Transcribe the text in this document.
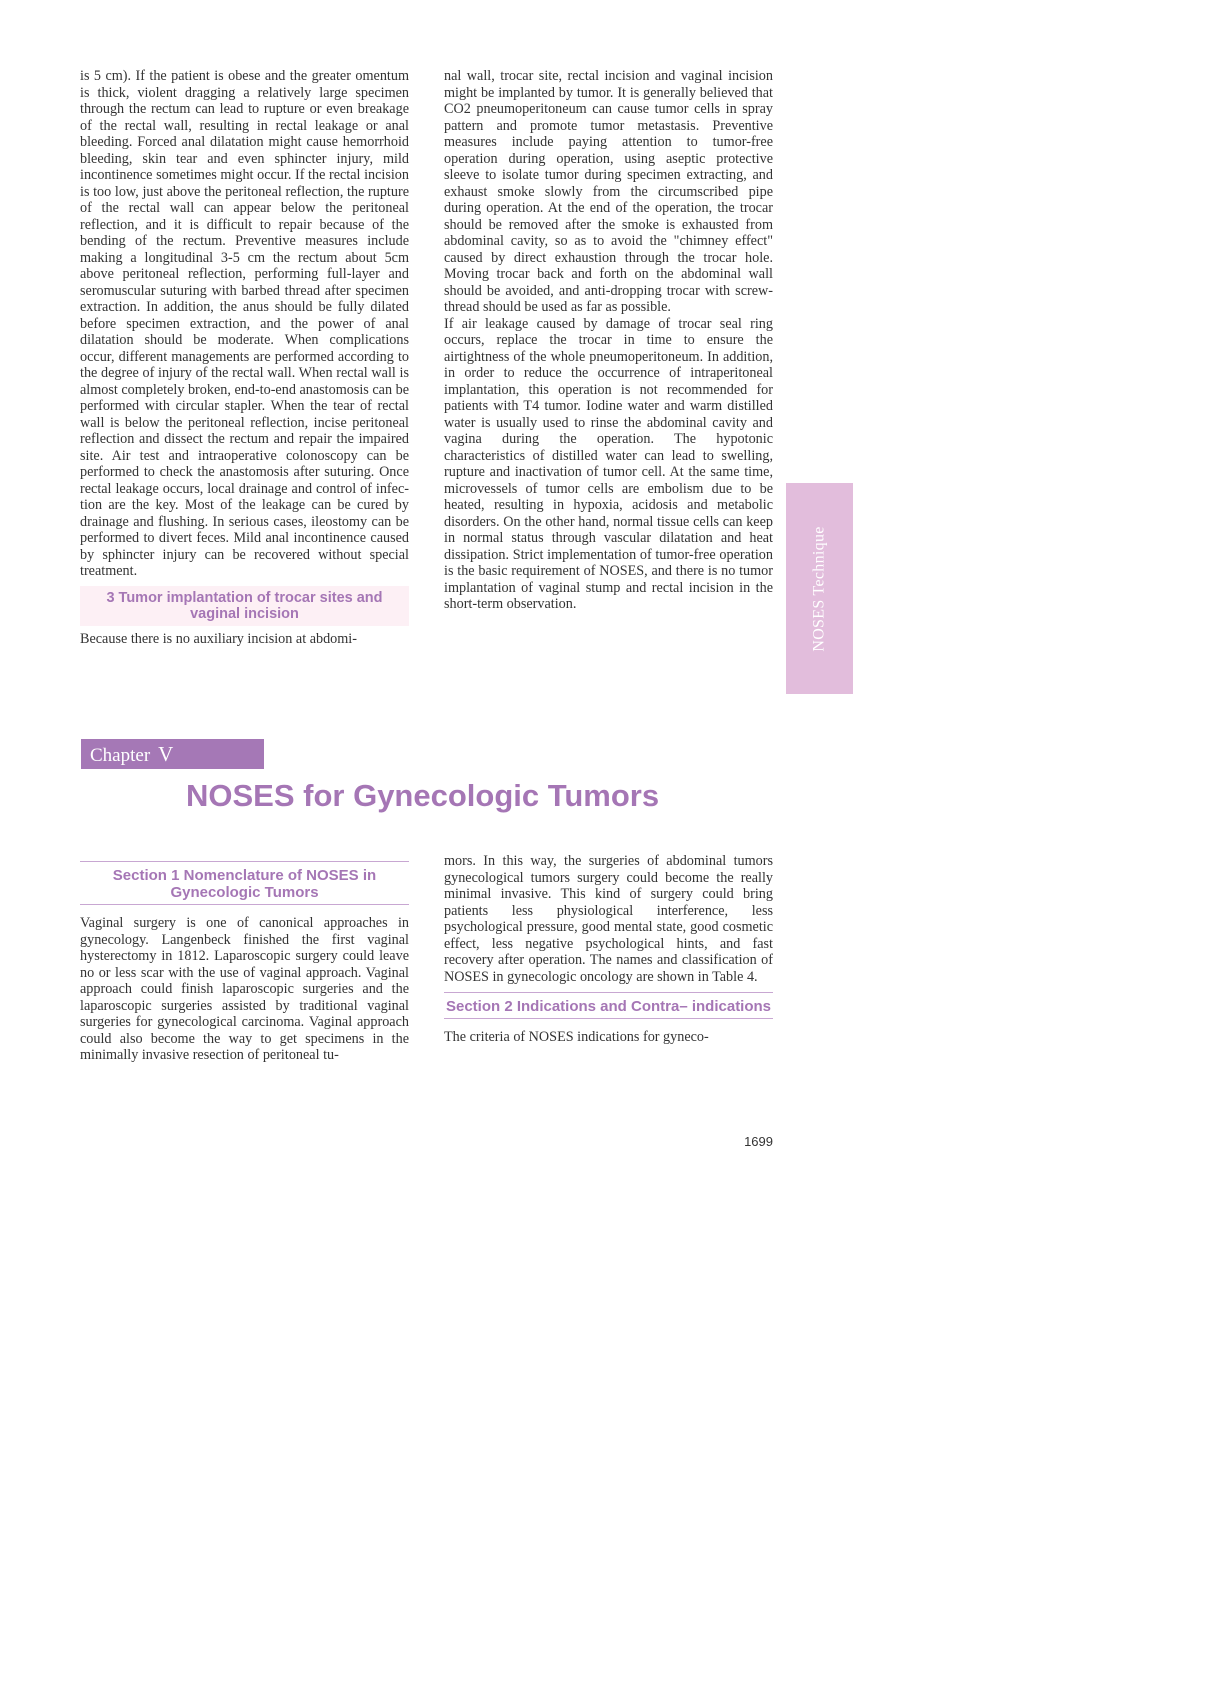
is 5 cm). If the patient is obese and the greater omentum is thick, violent dragging a relatively large specimen through the rectum can lead to rupture or even breakage of the rectal wall, resulting in rectal leakage or anal bleeding. Forced anal dilatation might cause hemorrhoid bleeding, skin tear and even sphincter injury, mild incontinence sometimes might occur. If the rectal incision is too low, just above the peritoneal reflection, the rupture of the rectal wall can appear below the peritoneal reflection, and it is difficult to repair because of the bending of the rectum. Preventive measures include making a longitudinal 3-5 cm the rectum about 5cm above peritoneal reflection, performing full-layer and seromuscular suturing with barbed thread after specimen extraction. In addition, the anus should be fully dilated before specimen extraction, and the power of anal dilatation should be moderate. When complications occur, different managements are performed according to the degree of injury of the rectal wall. When rectal wall is almost completely broken, end-to-end anastomosis can be performed with circular stapler. When the tear of rectal wall is below the peritoneal reflection, incise peritoneal reflection and dissect the rectum and repair the impaired site. Air test and intraoperative colonoscopy can be performed to check the anastomosis after suturing. Once rectal leakage occurs, local drainage and control of infection are the key. Most of the leakage can be cured by drainage and flushing. In serious cases, ileostomy can be performed to divert feces. Mild anal incontinence caused by sphincter injury can be recovered without special treatment.

3 Tumor implantation of trocar sites and vaginal incision

Because there is no auxiliary incision at abdomi-

nal wall, trocar site, rectal incision and vaginal incision might be implanted by tumor. It is generally believed that CO2 pneumoperitoneum can cause tumor cells in spray pattern and promote tumor metastasis. Preventive measures include paying attention to tumor-free operation during operation, using aseptic protective sleeve to isolate tumor during specimen extracting, and exhaust smoke slowly from the circumscribed pipe during operation. At the end of the operation, the trocar should be removed after the smoke is exhausted from abdominal cavity, so as to avoid the "chimney effect" caused by direct exhaustion through the trocar hole. Moving trocar back and forth on the abdominal wall should be avoided, and anti-dropping trocar with screw-thread should be used as far as possible.

If air leakage caused by damage of trocar seal ring occurs, replace the trocar in time to ensure the airtightness of the whole pneumoperitoneum. In addition, in order to reduce the occurrence of intraperitoneal implantation, this operation is not recommended for patients with T4 tumor. Iodine water and warm distilled water is usually used to rinse the abdominal cavity and vagina during the operation. The hypotonic characteristics of distilled water can lead to swelling, rupture and inactivation of tumor cell. At the same time, microvessels of tumor cells are embolism due to be heated, resulting in hypoxia, acidosis and metabolic disorders. On the other hand, normal tissue cells can keep in normal status through vascular dilatation and heat dissipation. Strict implementation of tumor-free operation is the basic requirement of NOSES, and there is no tumor implantation of vaginal stump and rectal incision in the short-term observation.	NOSES Technique
Chapter V
NOSES for Gynecologic Tumors
Section 1 Nomenclature of NOSES in Gynecologic Tumors

Vaginal surgery is one of canonical approaches in gynecology. Langenbeck finished the first vaginal hysterectomy in 1812. Laparoscopic surgery could leave no or less scar with the use of vaginal approach. Vaginal approach could finish laparoscopic surgeries and the laparoscopic surgeries assisted by traditional vaginal surgeries for gynecological carcinoma. Vaginal approach could also become the way to get specimens in the minimally invasive resection of peritoneal tu-

mors. In this way, the surgeries of abdominal tumors gynecological tumors surgery could become the really minimal invasive. This kind of surgery could bring patients less physiological interference, less psychological pressure, good mental state, good cosmetic effect, less negative psychological hints, and fast recovery after operation. The names and classification of NOSES in gynecologic oncology are shown in Table 4.

Section 2 Indications and Contra– indications

The criteria of NOSES indications for gyneco-

1699
